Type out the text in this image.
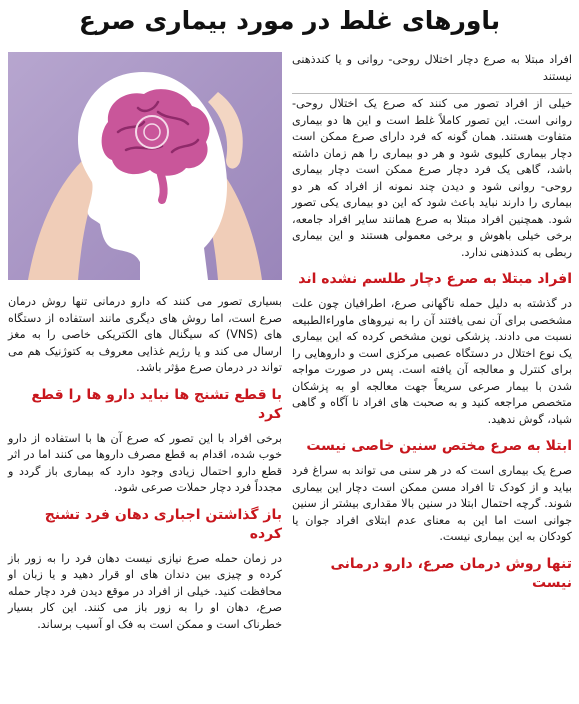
باورهای غلط در مورد بیماری صرع

افراد مبتلا به صرع دچار اختلال روحی- روانی و یا کندذهنی نیستند

خیلی از افراد تصور می کنند که صرع یک اختلال روحی- روانی است. این تصور کاملاً غلط است و این ها دو بیماری متفاوت هستند. همان گونه که فرد دارای صرع ممکن است دچار بیماری کلیوی شود و هر دو بیماری را هم زمان داشته باشد، گاهی یک فرد دچار صرع ممکن است دچار بیماری روحی- روانی شود و دیدن چند نمونه از افراد که هر دو بیماری را دارند نباید باعث شود که این دو بیماری یکی تصور شود. همچنین افراد مبتلا به صرع همانند سایر افراد جامعه، برخی خیلی باهوش و برخی معمولی هستند و این بیماری ربطی به کندذهنی ندارد.

افراد مبتلا به صرع دچار طلسم نشده اند

در گذشته به دلیل حمله ناگهانی صرع، اطرافیان چون علت مشخصی برای آن نمی یافتند آن را به نیروهای ماوراءالطبیعه نسبت می دادند. پزشکی نوین مشخص کرده که این بیماری یک نوع اختلال در دستگاه عصبی مرکزی است و داروهایی را برای کنترل و معالجه آن یافته است. پس در صورت مواجه شدن با بیمار صرعی سریعاً جهت معالجه او به پزشکان متخصص مراجعه کنید و به صحبت های افراد نا آگاه و گاهی شیاد، گوش ندهید.

ابتلا به صرع مختص سنین خاصی نیست

صرع یک بیماری است که در هر سنی می تواند به سراغ فرد بیاید و از کودک تا افراد مسن ممکن است دچار این بیماری شوند. گرچه احتمال ابتلا در سنین بالا مقداری بیشتر از سنین جوانی است اما این به معنای عدم ابتلای افراد جوان یا کودکان به این بیماری نیست.

تنها روش درمان صرع، دارو درمانی نیست

بسیاری تصور می کنند که دارو درمانی تنها روش درمان صرع است، اما روش های دیگری مانند استفاده از دستگاه های (VNS) که سیگنال های الکتریکی خاصی را به مغز ارسال می کند و یا رژیم غذایی معروف به کتوژنیک هم می تواند در درمان صرع مؤثر باشد.

با قطع تشنج ها نباید دارو ها را قطع کرد

برخی افراد با این تصور که صرع آن ها با استفاده از دارو خوب شده، اقدام به قطع مصرف داروها می کنند اما در اثر قطع دارو احتمال زیادی وجود دارد که بیماری باز گردد و مجدداً فرد دچار حملات صرعی شود.

باز گذاشتن اجباری دهان فرد تشنج کرده

در زمان حمله صرع نیازی نیست دهان فرد را به زور باز کرده و چیزی بین دندان های او قرار دهید و یا زبان او محافظت کنید. خیلی از افراد در موقع دیدن فرد دچار حمله صرع، دهان او را به زور باز می کنند. این کار بسیار خطرناک است و ممکن است به فک او آسیب برساند.
